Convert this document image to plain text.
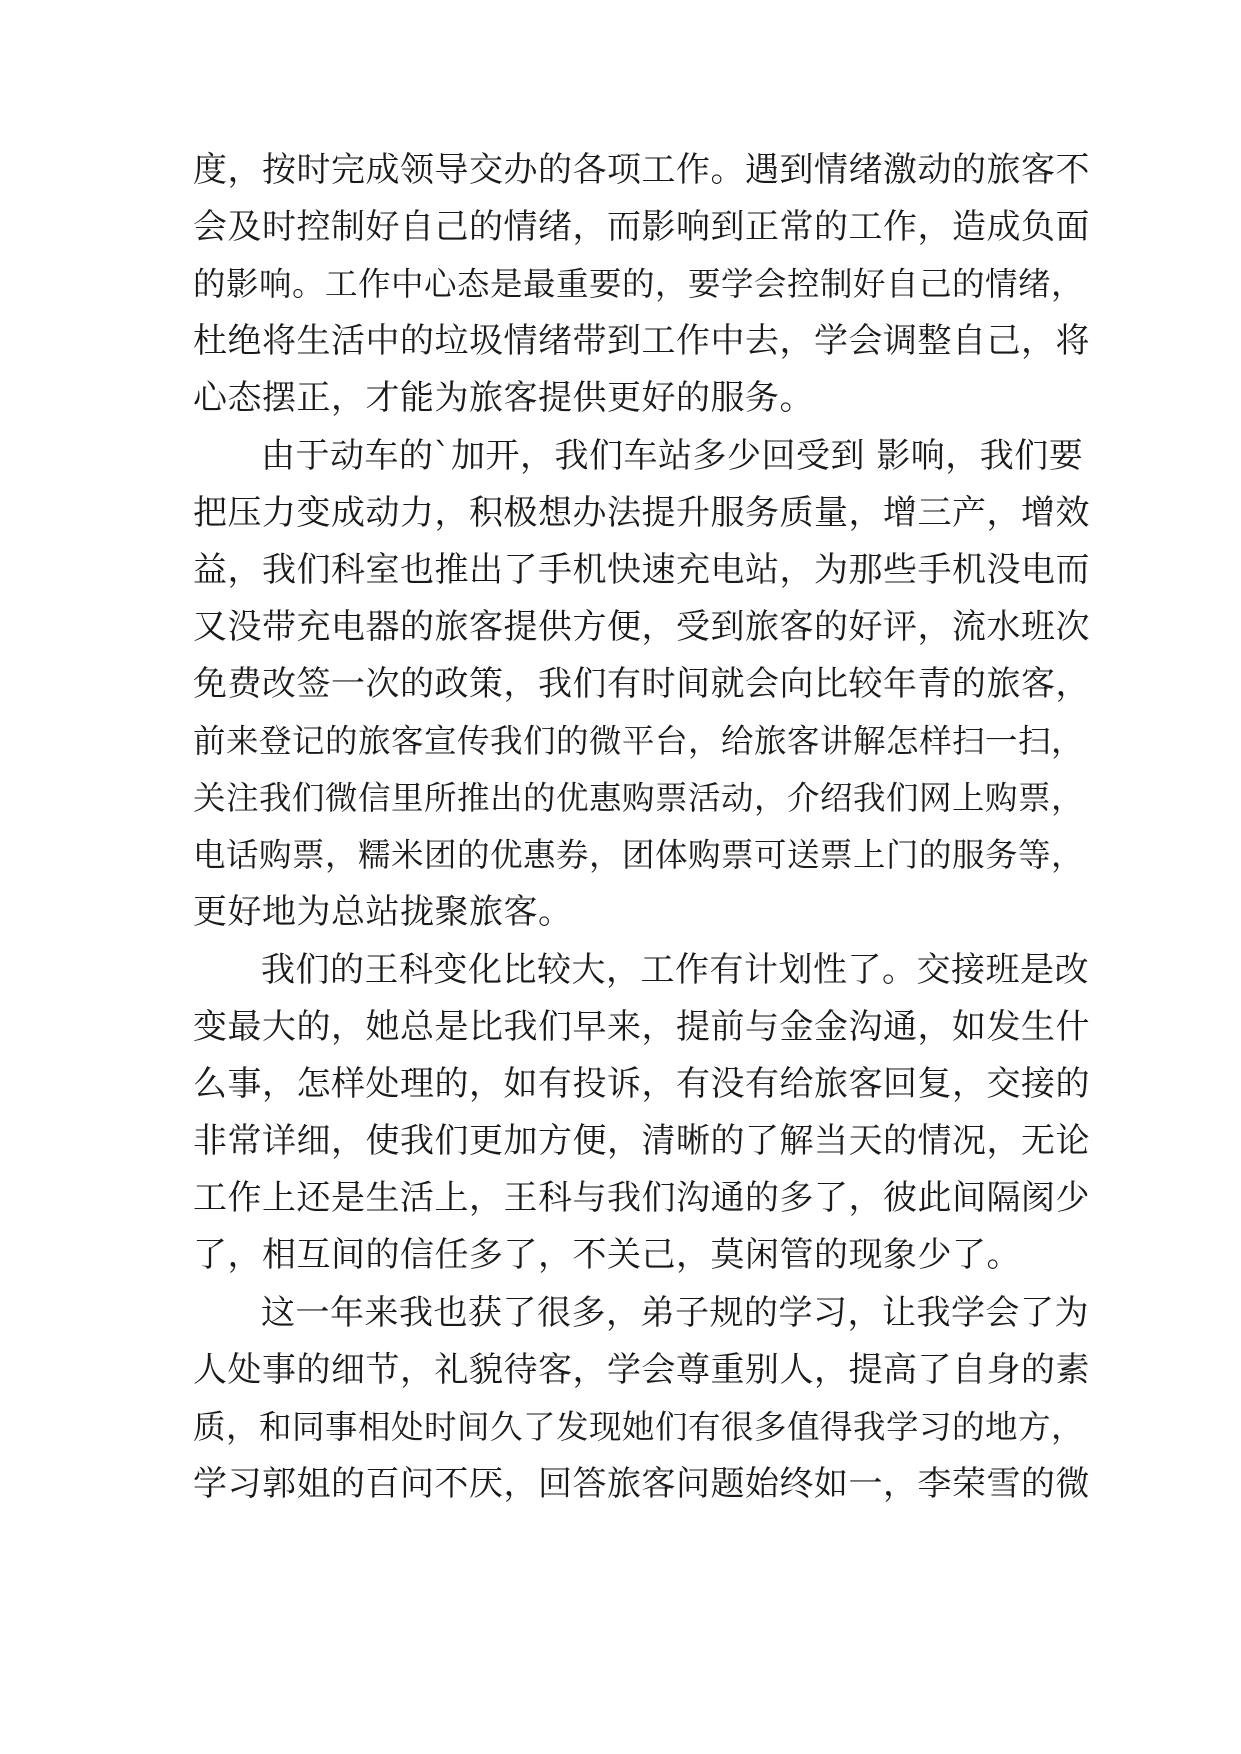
度，按时完成领导交办的各项工作。遇到情绪激动的旅客不
会及时控制好自己的情绪，而影响到正常的工作，造成负面
的影响。工作中心态是最重要的，要学会控制好自己的情绪，
杜绝将生活中的垃圾情绪带到工作中去，学会调整自己，将
心态摆正，才能为旅客提供更好的服务。
由于动车的`加开，我们车站多少回受到 影响，我们要
把压力变成动力，积极想办法提升服务质量，增三产，增效
益，我们科室也推出了手机快速充电站，为那些手机没电而
又没带充电器的旅客提供方便，受到旅客的好评，流水班次
免费改签一次的政策，我们有时间就会向比较年青的旅客，
前来登记的旅客宣传我们的微平台，给旅客讲解怎样扫一扫，
关注我们微信里所推出的优惠购票活动，介绍我们网上购票，
电话购票，糯米团的优惠券，团体购票可送票上门的服务等，
更好地为总站拢聚旅客。
我们的王科变化比较大，工作有计划性了。交接班是改
变最大的，她总是比我们早来，提前与金金沟通，如发生什
么事，怎样处理的，如有投诉，有没有给旅客回复，交接的
非常详细，使我们更加方便，清晰的了解当天的情况，无论
工作上还是生活上，王科与我们沟通的多了，彼此间隔阂少
了，相互间的信任多了，不关己，莫闲管的现象少了。
这一年来我也获了很多，弟子规的学习，让我学会了为
人处事的细节，礼貌待客，学会尊重别人，提高了自身的素
质，和同事相处时间久了发现她们有很多值得我学习的地方，
学习郭姐的百问不厌，回答旅客问题始终如一，李荣雪的微
